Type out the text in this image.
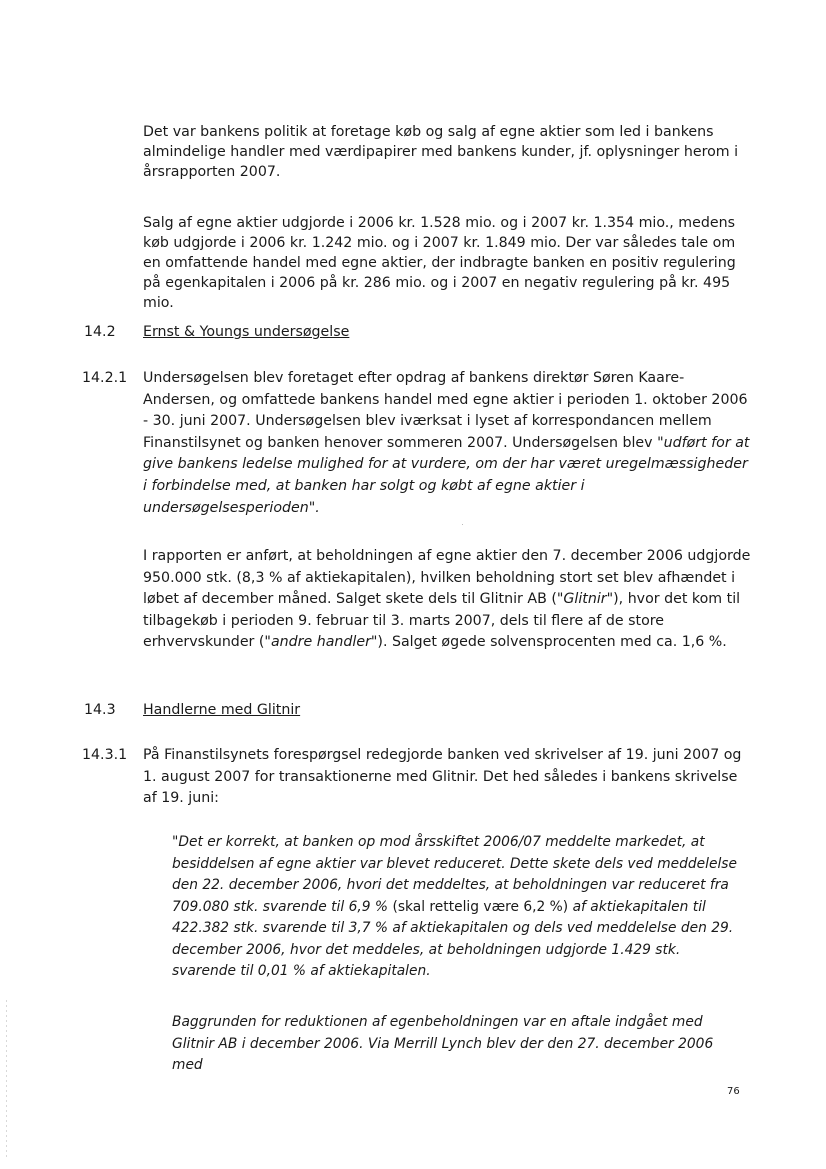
Det var bankens politik at foretage køb og salg af egne aktier som led i bankens almindelige handler med værdipapirer med bankens kunder, jf. oplysninger herom i årsrapporten 2007.

Salg af egne aktier udgjorde i 2006 kr. 1.528 mio. og i 2007 kr. 1.354 mio., medens køb udgjorde i 2006 kr. 1.242 mio. og i 2007 kr. 1.849 mio. Der var således tale om en omfattende handel med egne aktier, der indbragte banken en positiv regulering på egenkapitalen i 2006 på kr. 286 mio. og i 2007 en negativ regulering på kr. 495 mio.

14.2 Ernst & Youngs undersøgelse
14.2.1 Undersøgelsen blev foretaget efter opdrag af bankens direktør Søren Kaare-Andersen, og omfattede bankens handel med egne aktier i perioden 1. oktober 2006 - 30. juni 2007. Undersøgelsen blev iværksat i lyset af korrespondancen mellem Finanstilsynet og banken henover sommeren 2007. Undersøgelsen blev "udført for at give bankens ledelse mulighed for at vurdere, om der har været uregelmæssigheder i forbindelse med, at banken har solgt og købt af egne aktier i undersøgelsesperioden".

I rapporten er anført, at beholdningen af egne aktier den 7. december 2006 udgjorde 950.000 stk. (8,3 % af aktiekapitalen), hvilken beholdning stort set blev afhændet i løbet af december måned. Salget skete dels til Glitnir AB ("Glitnir"), hvor det kom til tilbagekøb i perioden 9. februar til 3. marts 2007, dels til flere af de store erhvervskunder ("andre handler"). Salget øgede solvensprocenten med ca. 1,6 %.

14.3 Handlerne med Glitnir
14.3.1 På Finanstilsynets forespørgsel redegjorde banken ved skrivelser af 19. juni 2007 og 1. august 2007 for transaktionerne med Glitnir. Det hed således i bankens skrivelse af 19. juni:

"Det er korrekt, at banken op mod årsskiftet 2006/07 meddelte markedet, at besiddelsen af egne aktier var blevet reduceret. Dette skete dels ved meddelelse den 22. december 2006, hvori det meddeltes, at beholdningen var reduceret fra 709.080 stk. svarende til 6,9 % (skal rettelig være 6,2 %) af aktiekapitalen til 422.382 stk. svarende til 3,7 % af aktiekapitalen og dels ved meddelelse den 29. december 2006, hvor det meddeles, at beholdningen udgjorde 1.429 stk. svarende til 0,01 % af aktiekapitalen.

Baggrunden for reduktionen af egenbeholdningen var en aftale indgået med Glitnir AB i december 2006. Via Merrill Lynch blev der den 27. december 2006 med

76
